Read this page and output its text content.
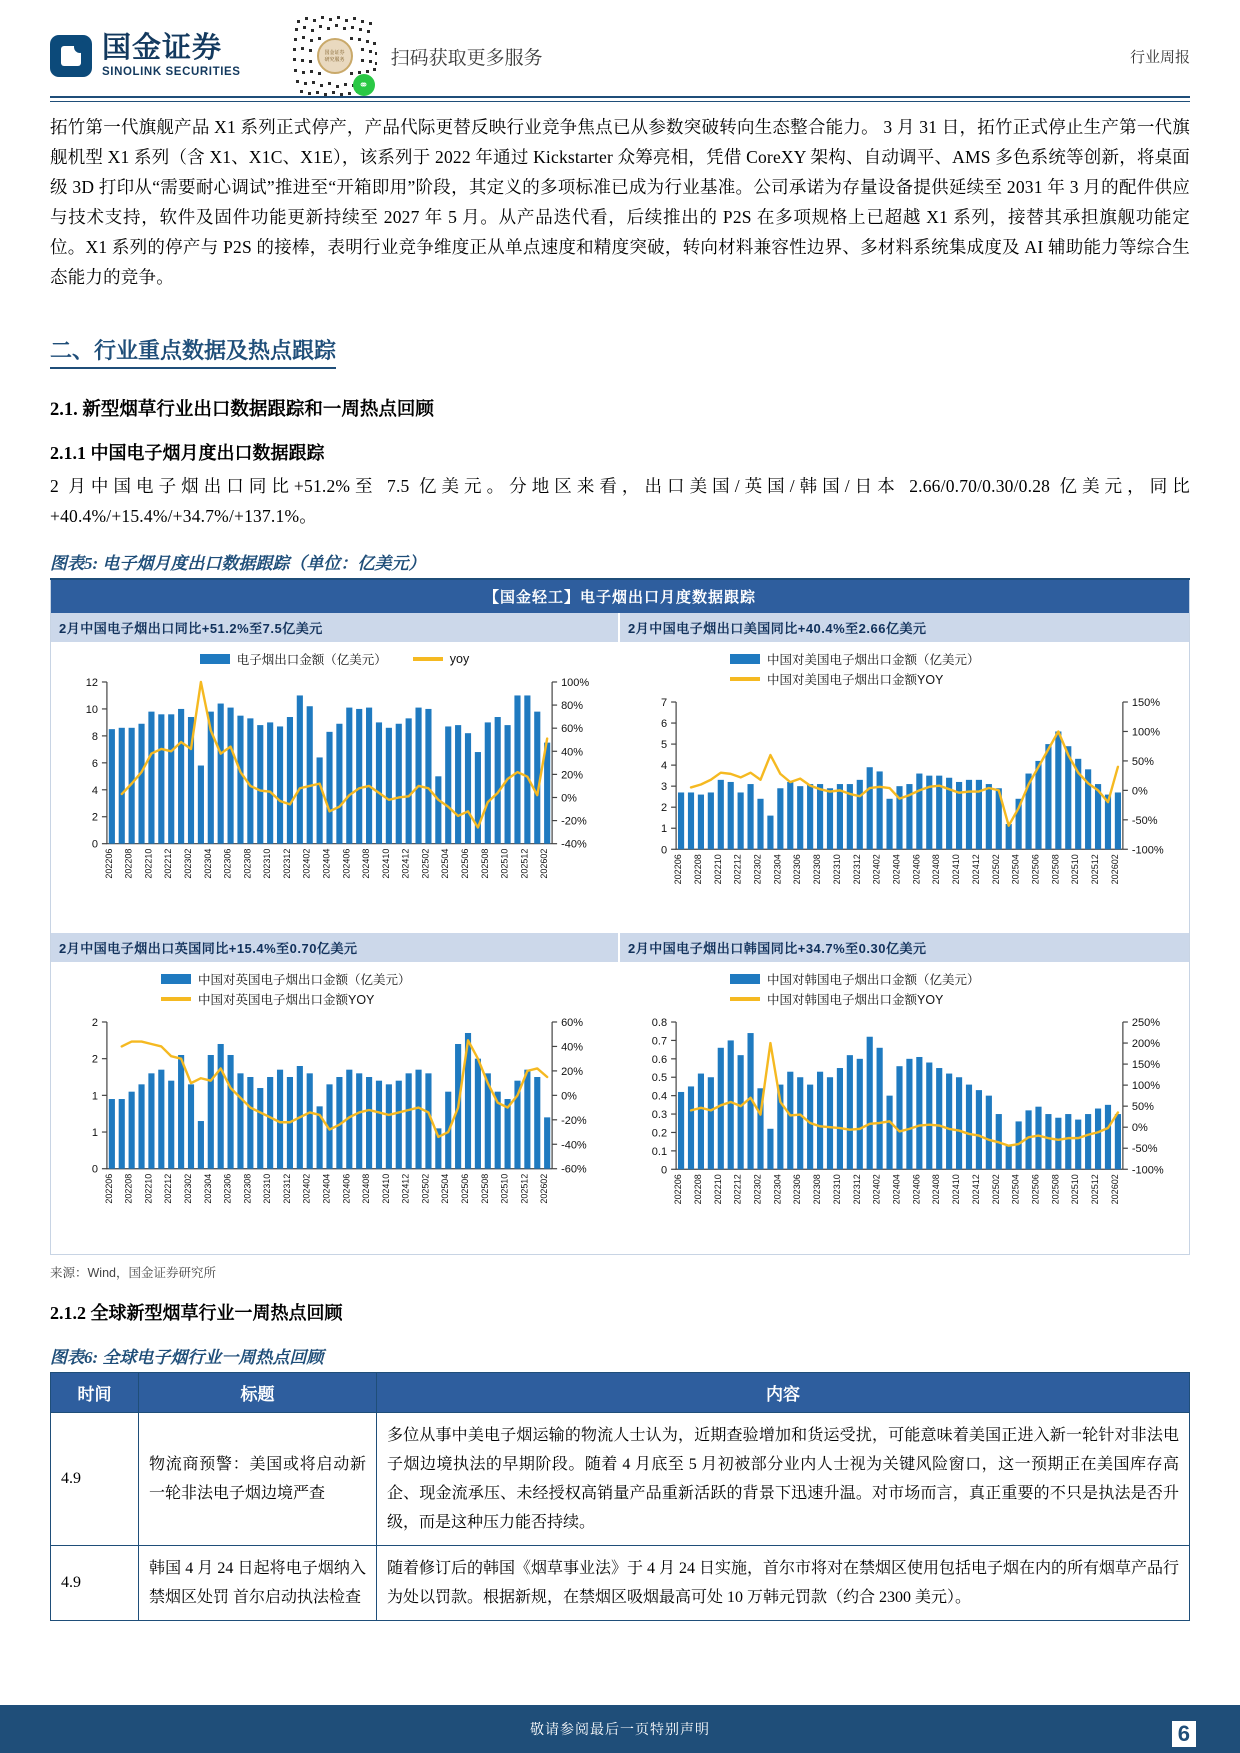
国金证券
SINOLINK SECURITIES
国金证券
研究服务
⚭
扫码获取更多服务	行业周报

拓竹第一代旗舰产品 X1 系列正式停产，产品代际更替反映行业竞争焦点已从参数突破转向生态整合能力。 3 月 31 日，拓竹正式停止生产第一代旗舰机型 X1 系列（含 X1、X1C、X1E），该系列于 2022 年通过 Kickstarter 众筹亮相，凭借 CoreXY 架构、自动调平、AMS 多色系统等创新，将桌面　级 3D 打印从“需要耐心调试”推进至“开箱即用”阶段，其定义的多项标准已成为行业基准。公司承诺为存量设备提供延续至 2031 年 3 月的配件供应与技术支持，软件及固件功能更新持续至 2027 年 5 月。从产品迭代看，后续推出的 P2S 在多项规格上已超越 X1 系列，接替其承担旗舰功能定位。X1 系列的停产与 P2S 的接棒，表明行业竞争维度正从单点速度和精度突破，转向材料兼容性边界、多材料系统集成度及 AI 辅助能力等综合生态能力的竞争。

二、行业重点数据及热点跟踪
2.1. 新型烟草行业出口数据跟踪和一周热点回顾
2.1.1 中国电子烟月度出口数据跟踪

2 月中国电子烟出口同比+51.2%至 7.5 亿美元。分地区来看，出口美国/英国/韩国/日本 2.66/0.70/0.30/0.28 亿美元，同比+40.4%/+15.4%/+34.7%/+137.1%。

图表5: 电子烟月度出口数据跟踪（单位：亿美元）
【国金轻工】电子烟出口月度数据跟踪
2月中国电子烟出口同比+51.2%至7.5亿美元
电子烟出口金额（亿美元）	yoy
0
2
4
6
8
10
12
-40%
-20%
0%
20%
40%
60%
80%
100%
202206 202208 202210 202212 202302 202304 202306 202308 202310 202312 202402 202404 202406 202408 202410 202412 202502 202504 202506 202508 202510 202512 202602
2月中国电子烟出口美国同比+40.4%至2.66亿美元
中国对美国电子烟出口金额（亿美元）
中国对美国电子烟出口金额YOY
0
1
2
3
4
5
6
7
-100%
-50%
0%
50%
100%
150%
202206 202208 202210 202212 202302 202304 202306 202308 202310 202312 202402 202404 202406 202408 202410 202412 202502 202504 202506 202508 202510 202512 202602
2月中国电子烟出口英国同比+15.4%至0.70亿美元
中国对英国电子烟出口金额（亿美元）
中国对英国电子烟出口金额YOY
0
1
1
2
2
-60%
-40%
-20%
0%
20%
40%
60%
202206 202208 202210 202212 202302 202304 202306 202308 202310 202312 202402 202404 202406 202408 202410 202412 202502 202504 202506 202508 202510 202512 202602
2月中国电子烟出口韩国同比+34.7%至0.30亿美元
中国对韩国电子烟出口金额（亿美元）
中国对韩国电子烟出口金额YOY
0
0.1
0.2
0.3
0.4
0.5
0.6
0.7
0.8
-100%
-50%
0%
50%
100%
150%
200%
250%
202206 202208 202210 202212 202302 202304 202306 202308 202310 202312 202402 202404 202406 202408 202410 202412 202502 202504 202506 202508 202510 202512 202602

来源：Wind，国金证券研究所

2.1.2 全球新型烟草行业一周热点回顾
图表6: 全球电子烟行业一周热点回顾
时间	标题	内容
4.9	物流商预警：美国或将启动新一轮非法电子烟边境严查	多位从事中美电子烟运输的物流人士认为，近期查验增加和货运受扰，可能意味着美国正进入新一轮针对非法电子烟边境执法的早期阶段。随着 4 月底至 5 月初被部分业内人士视为关键风险窗口，这一预期正在美国库存高企、现金流承压、未经授权高销量产品重新活跃的背景下迅速升温。对市场而言，真正重要的不只是执法是否升级，而是这种压力能否持续。
4.9	韩国 4 月 24 日起将电子烟纳入禁烟区处罚 首尔启动执法检查	随着修订后的韩国《烟草事业法》于 4 月 24 日实施，首尔市将对在禁烟区使用包括电子烟在内的所有烟草产品行为处以罚款。根据新规，在禁烟区吸烟最高可处 10 万韩元罚款（约合 2300 美元）。
敬请参阅最后一页特别声明	6
